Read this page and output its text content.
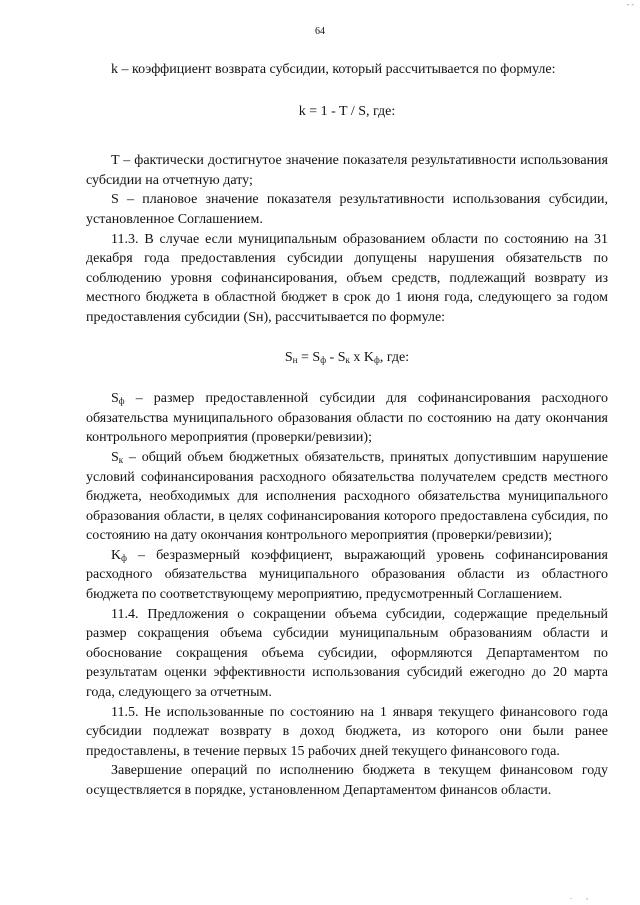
- -
64

k – коэффициент возврата субсидии, который рассчитывается по формуле:

k = 1 - T / S, где:

T – фактически достигнутое значение показателя результативности использования субсидии на отчетную дату;

S – плановое значение показателя результативности использования субсидии, установленное Соглашением.

11.3. В случае если муниципальным образованием области по состоянию на 31 декабря года предоставления субсидии допущены нарушения обязательств по соблюдению уровня софинансирования, объем средств, подлежащий возврату из местного бюджета в областной бюджет в срок до 1 июня года, следующего за годом предоставления субсидии (Sн), рассчитывается по формуле:

$S_н = S_ф - S_к$ x $K_ф$, где:

$S_ф$ – размер предоставленной субсидии для софинансирования расходного обязательства муниципального образования области по состоянию на дату окончания контрольного мероприятия (проверки/ревизии);

$S_к$ – общий объем бюджетных обязательств, принятых допустившим нарушение условий софинансирования расходного обязательства получателем средств местного бюджета, необходимых для исполнения расходного обязательства муниципального образования области, в целях софинансирования которого предоставлена субсидия, по состоянию на дату окончания контрольного мероприятия (проверки/ревизии);

$K_ф$ – безразмерный коэффициент, выражающий уровень софинансирования расходного обязательства муниципального образования области из областного бюджета по соответствующему мероприятию, предусмотренный Соглашением.

11.4. Предложения о сокращении объема субсидии, содержащие предельный размер сокращения объема субсидии муниципальным образованиям области и обоснование сокращения объема субсидии, оформляются Департаментом по результатам оценки эффективности использования субсидий ежегодно до 20 марта года, следующего за отчетным.

11.5. Не использованные по состоянию на 1 января текущего финансового года субсидии подлежат возврату в доход бюджета, из которого они были ранее предоставлены, в течение первых 15 рабочих дней текущего финансового года.

Завершение операций по исполнению бюджета в текущем финансовом году осуществляется в порядке, установленном Департаментом финансов области.

. ,
